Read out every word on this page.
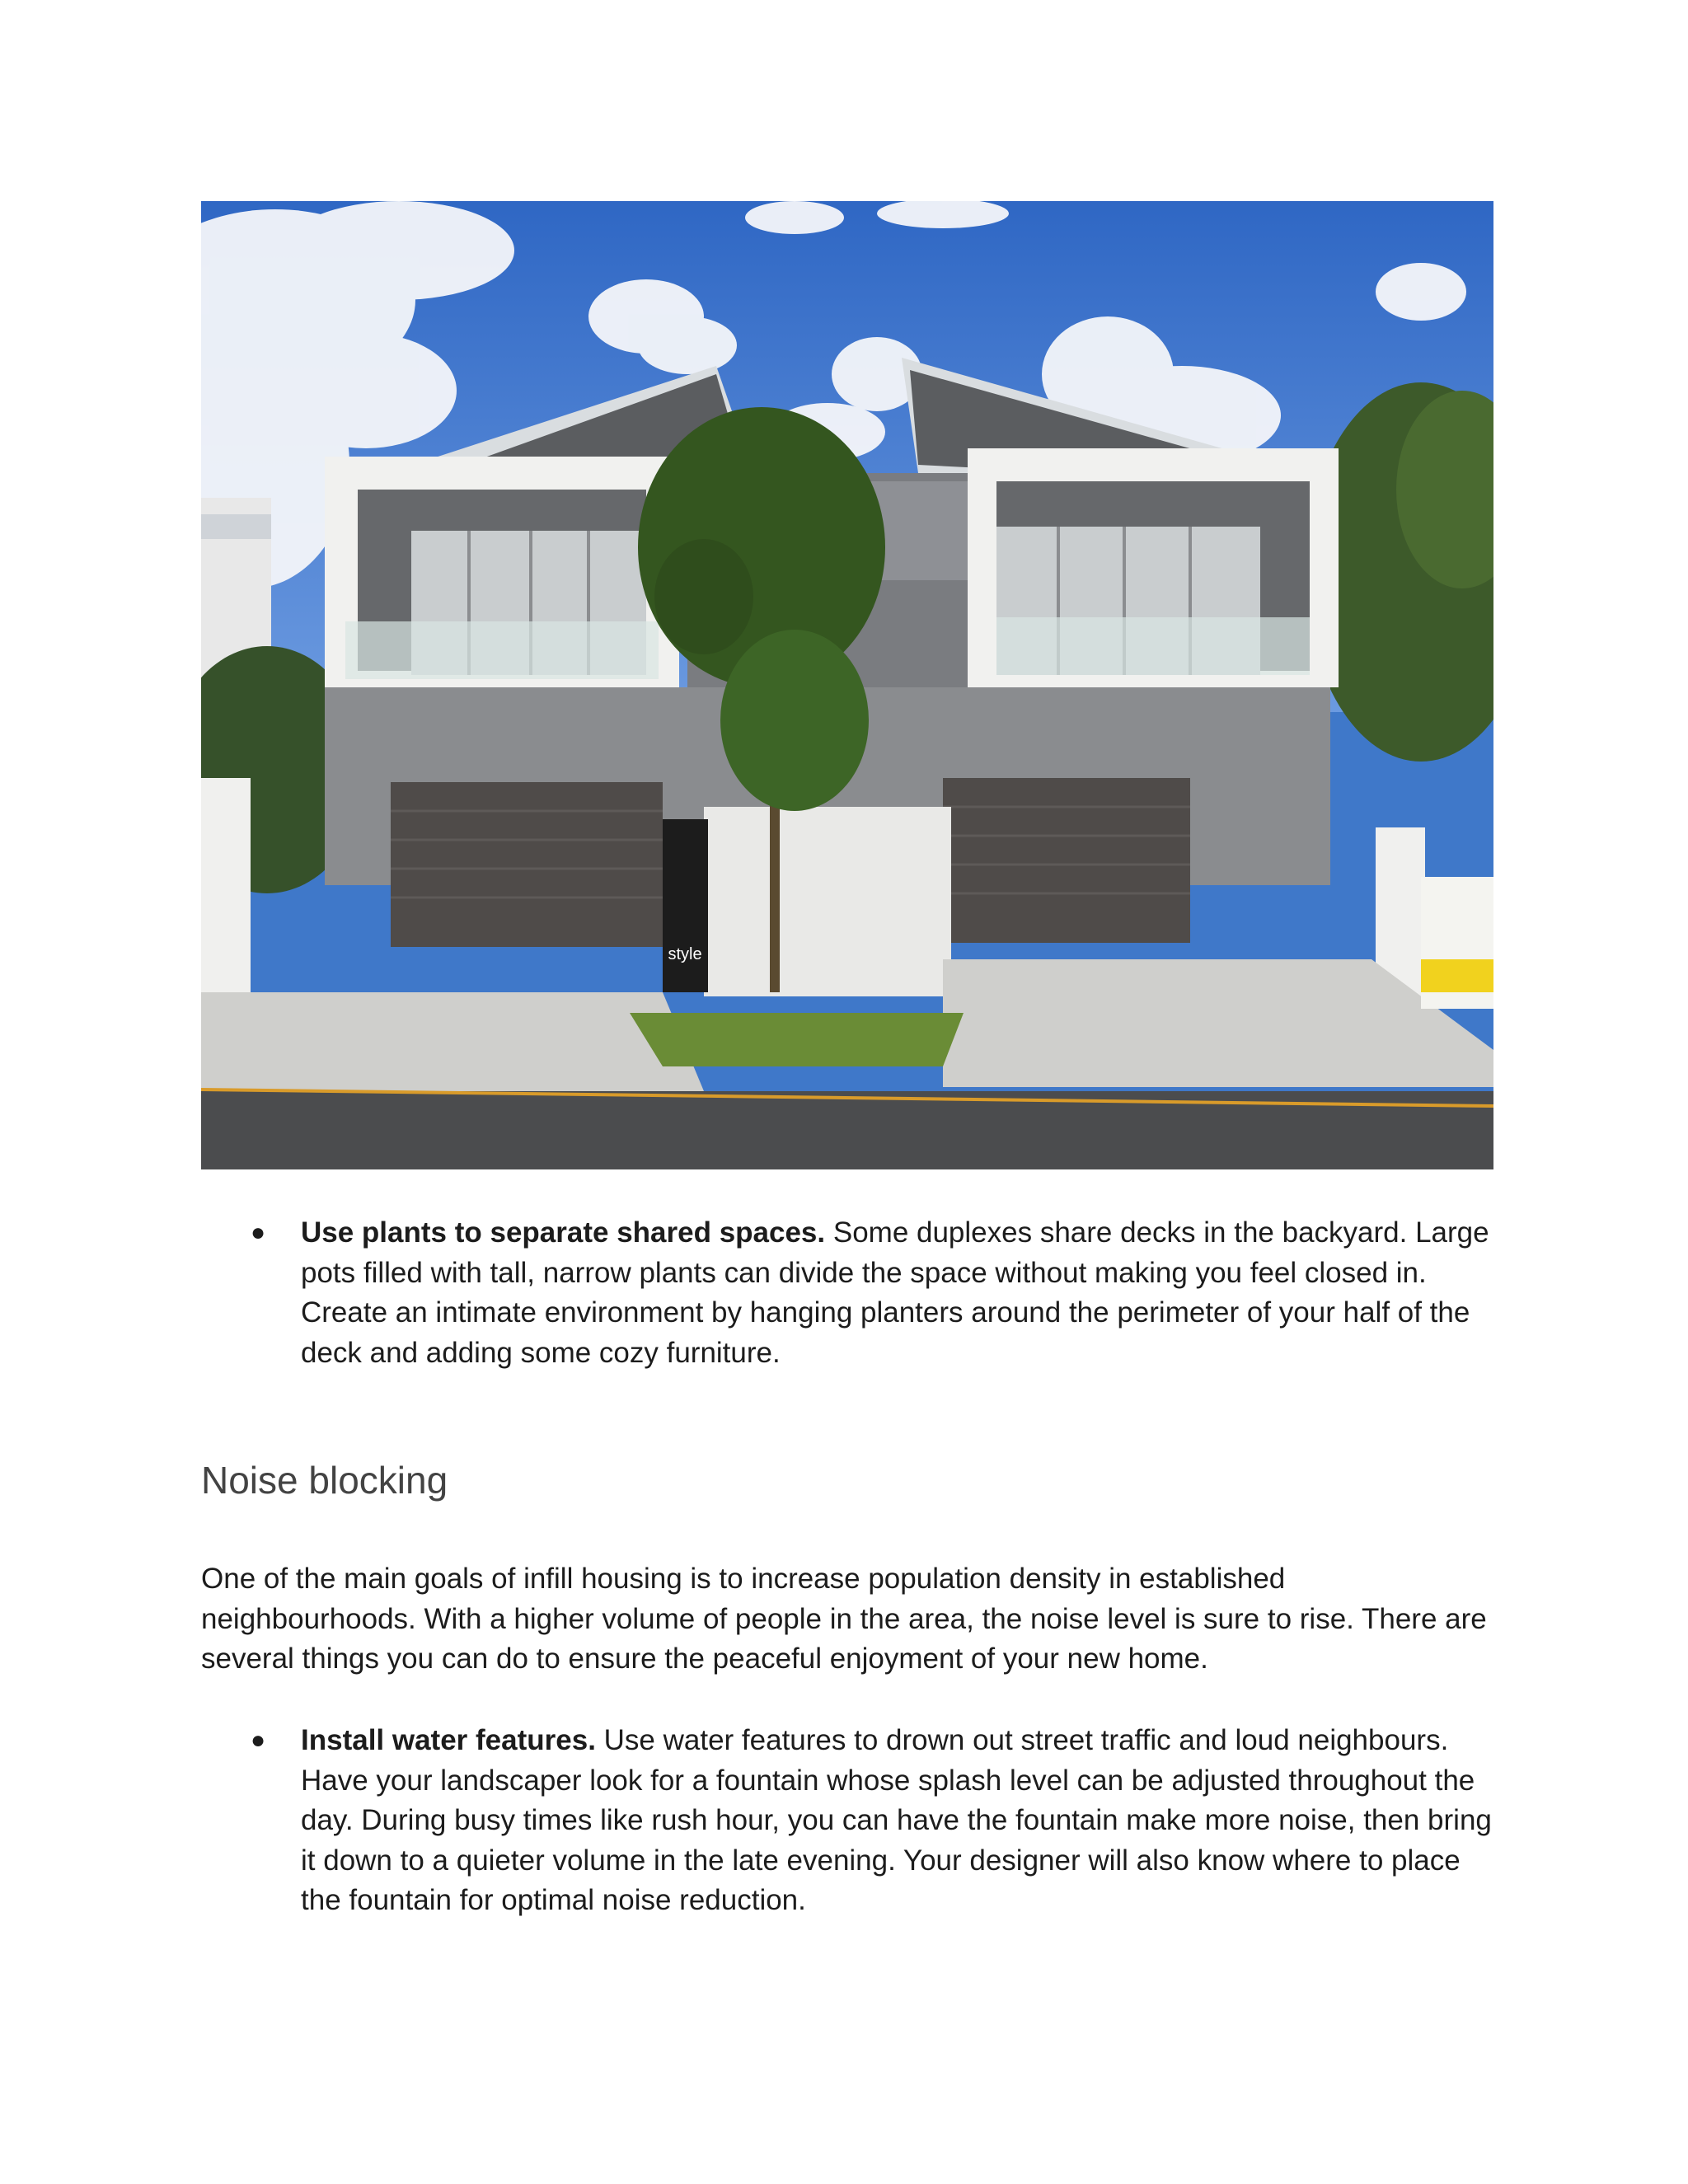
style
● Use plants to separate shared spaces. Some duplexes share decks in the backyard. Large pots filled with tall, narrow plants can divide the space without making you feel closed in. Create an intimate environment by hanging planters around the perimeter of your half of the deck and adding some cozy furniture.
Noise blocking

One of the main goals of infill housing is to increase population density in established neighbourhoods. With a higher volume of people in the area, the noise level is sure to rise. There are several things you can do to ensure the peaceful enjoyment of your new home.

● Install water features. Use water features to drown out street traffic and loud neighbours. Have your landscaper look for a fountain whose splash level can be adjusted throughout the day. During busy times like rush hour, you can have the fountain make more noise, then bring it down to a quieter volume in the late evening. Your designer will also know where to place the fountain for optimal noise reduction.
